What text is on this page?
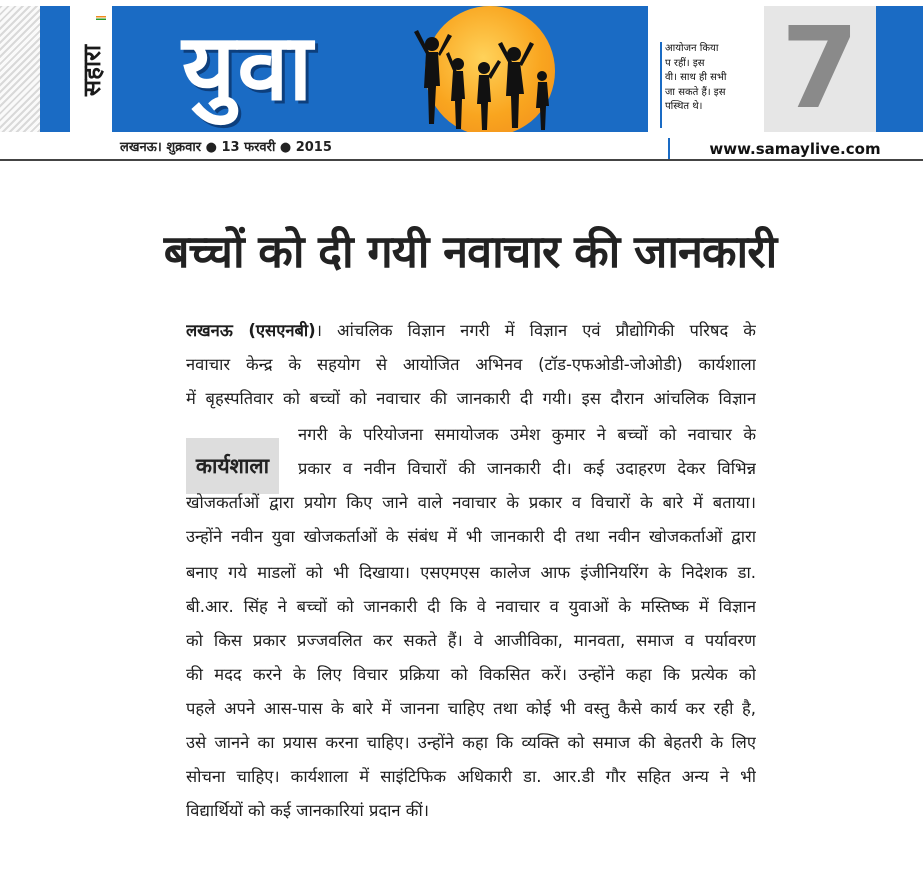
सहारा युवा	आयोजन किया
प रहीं। इस
वी। साथ ही सभी
जा सकते हैं। इस
पस्थित थे। 7
लखनऊ। शुक्रवार ● 13 फरवरी ● 2015	www.samaylive.com
बच्चों को दी गयी नवाचार की जानकारी
कार्यशाला
लखनऊ (एसएनबी)। आंचलिक विज्ञान नगरी में विज्ञान एवं प्रौद्योगिकी परिषद के
नवाचार केन्द्र के सहयोग से आयोजित अभिनव (टॉड-एफओडी-जोओडी) कार्यशाला
में बृहस्पतिवार को बच्चों को नवाचार की जानकारी दी गयी। इस दौरान आंचलिक विज्ञान
नगरी के परियोजना समायोजक उमेश कुमार ने बच्चों को नवाचार के
प्रकार व नवीन विचारों की जानकारी दी। कई उदाहरण देकर विभिन्न
खोजकर्ताओं द्वारा प्रयोग किए जाने वाले नवाचार के प्रकार व विचारों के बारे में बताया।
उन्होंने नवीन युवा खोजकर्ताओं के संबंध में भी जानकारी दी तथा नवीन खोजकर्ताओं द्वारा
बनाए गये माडलों को भी दिखाया। एसएमएस कालेज आफ इंजीनियरिंग के निदेशक डा.
बी.आर. सिंह ने बच्चों को जानकारी दी कि वे नवाचार व युवाओं के मस्तिष्क में विज्ञान
को किस प्रकार प्रज्जवलित कर सकते हैं। वे आजीविका, मानवता, समाज व पर्यावरण
की मदद करने के लिए विचार प्रक्रिया को विकसित करें। उन्होंने कहा कि प्रत्येक को
पहले अपने आस-पास के बारे में जानना चाहिए तथा कोई भी वस्तु कैसे कार्य कर रही है,
उसे जानने का प्रयास करना चाहिए। उन्होंने कहा कि व्यक्ति को समाज की बेहतरी के लिए
सोचना चाहिए। कार्यशाला में साइंटिफिक अधिकारी डा. आर.डी गौर सहित अन्य ने भी
विद्यार्थियों को कई जानकारियां प्रदान कीं।
